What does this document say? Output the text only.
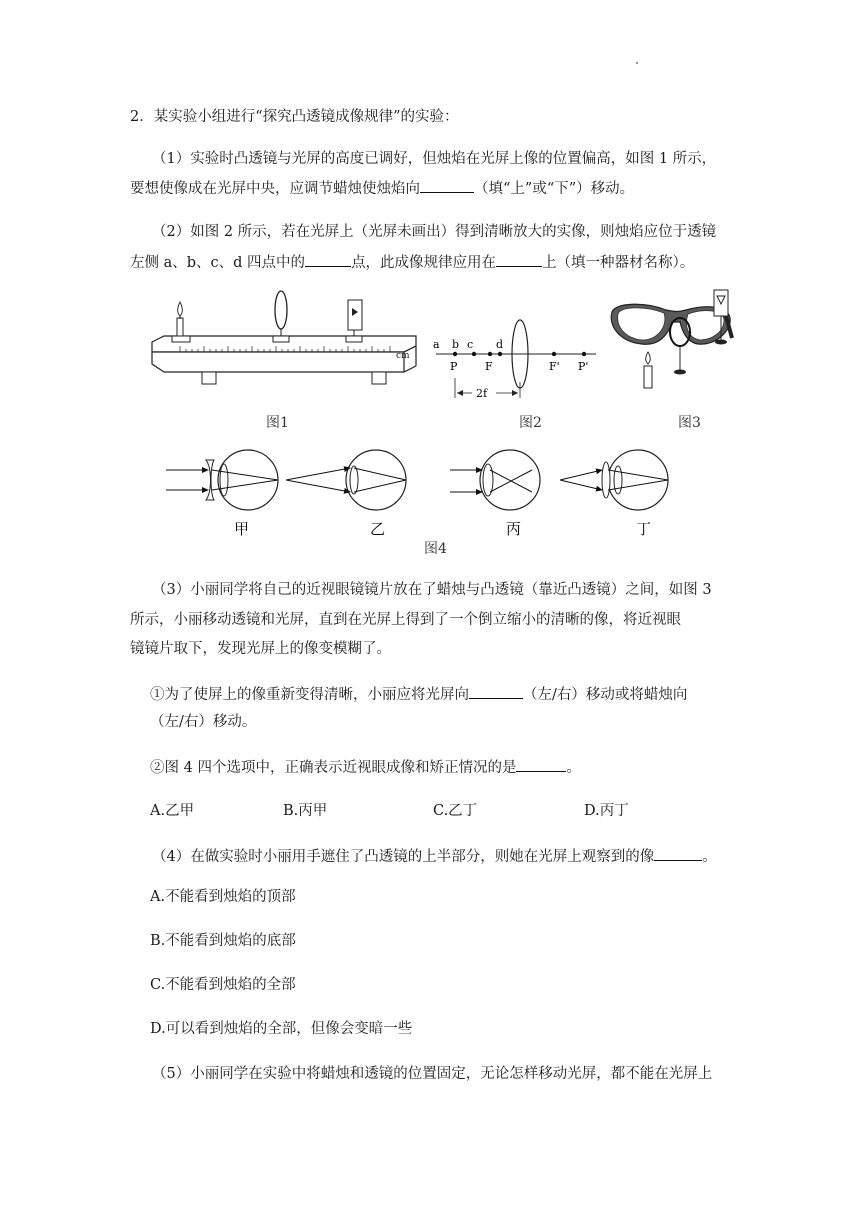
2．某实验小组进行“探究凸透镜成像规律”的实验：
（1）实验时凸透镜与光屏的高度已调好，但烛焰在光屏上像的位置偏高，如图 1 所示，
要想使像成在光屏中央，应调节蜡烛使烛焰向	（填“上”或“下”）移动。
（2）如图 2 所示，若在光屏上（光屏未画出）得到清晰放大的实像，则烛焰应位于透镜
左侧 a、b、c、d 四点中的	点，此成像规律应用在	上（填一种器材名称）。
cm
图1
a b c d
P	F	F' P'
2f
图2	图3
甲	乙	丙	丁
图4
（3）小丽同学将自己的近视眼镜镜片放在了蜡烛与凸透镜（靠近凸透镜）之间，如图 3
所示，小丽移动透镜和光屏，直到在光屏上得到了一个倒立缩小的清晰的像，将近视眼
镜镜片取下，发现光屏上的像变模糊了。
①为了使屏上的像重新变得清晰，小丽应将光屏向	（左/右）移动或将蜡烛向
（左/右）移动。
②图 4 四个选项中，正确表示近视眼成像和矫正情况的是	。
A.乙甲	B.丙甲	C.乙丁	D.丙丁
（4）在做实验时小丽用手遮住了凸透镜的上半部分，则她在光屏上观察到的像	。
A.不能看到烛焰的顶部
B.不能看到烛焰的底部
C.不能看到烛焰的全部
D.可以看到烛焰的全部，但像会变暗一些
（5）小丽同学在实验中将蜡烛和透镜的位置固定，无论怎样移动光屏，都不能在光屏上
